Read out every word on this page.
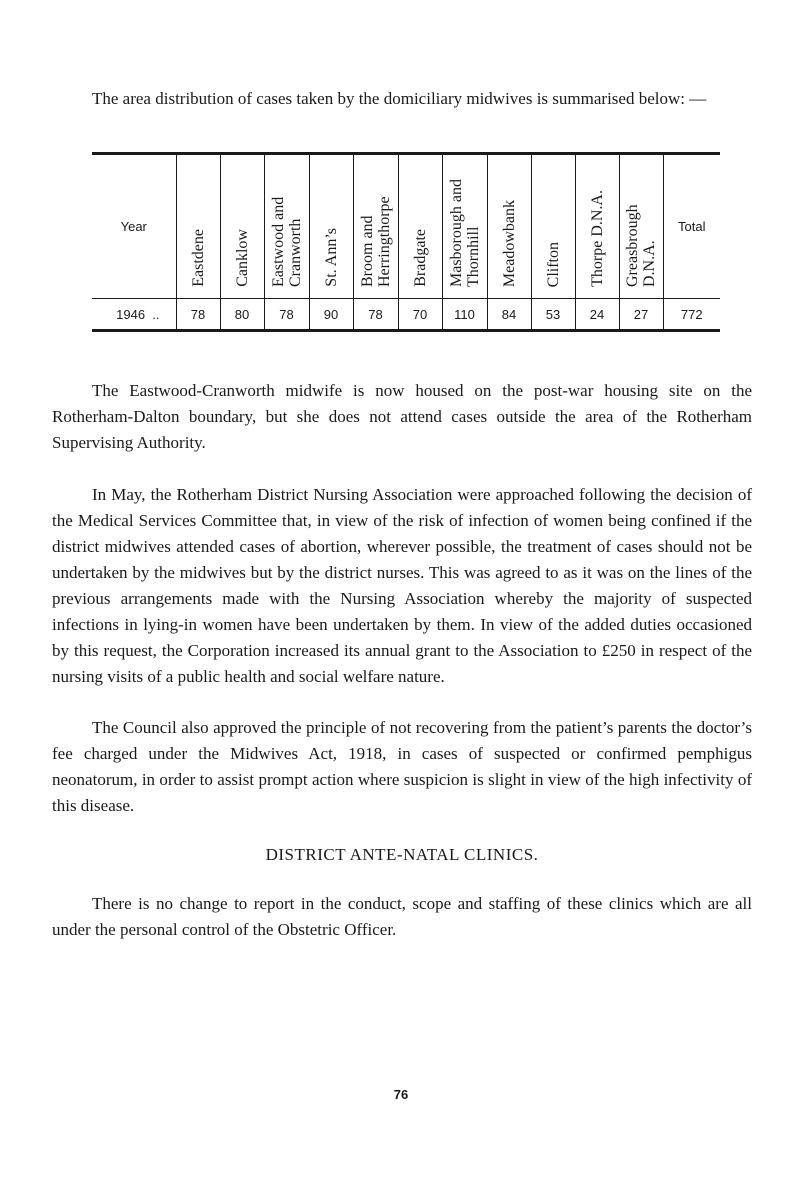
The area distribution of cases taken by the domiciliary midwives is summarised below: —

Year	Eastdene	Canklow	Eastwood and Cranworth	St. Ann’s	Broom and Herringthorpe	Bradgate	Masborough and Thornhill	Meadowbank	Clifton	Thorpe D.N.A.	Greasbrough D.N.A.	Total
1946  ..	78	80	78	90	78	70	110	84	53	24	27	772

The Eastwood-Cranworth midwife is now housed on the post-war housing site on the Rotherham-Dalton boundary, but she does not attend cases outside the area of the Rotherham Supervising Authority.

In May, the Rotherham District Nursing Association were approached following the decision of the Medical Services Committee that, in view of the risk of infection of women being confined if the district midwives attended cases of abortion, wherever possible, the treatment of cases should not be undertaken by the midwives but by the district nurses. This was agreed to as it was on the lines of the previous arrangements made with the Nursing Association whereby the majority of suspected infections in lying-in women have been undertaken by them. In view of the added duties occasioned by this request, the Corporation increased its annual grant to the Association to £250 in respect of the nursing visits of a public health and social welfare nature.

The Council also approved the principle of not recovering from the patient’s parents the doctor’s fee charged under the Midwives Act, 1918, in cases of suspected or confirmed pemphigus neonatorum, in order to assist prompt action where suspicion is slight in view of the high infectivity of this disease.

DISTRICT ANTE-NATAL CLINICS.

There is no change to report in the conduct, scope and staffing of these clinics which are all under the personal control of the Obstetric Officer.

76
